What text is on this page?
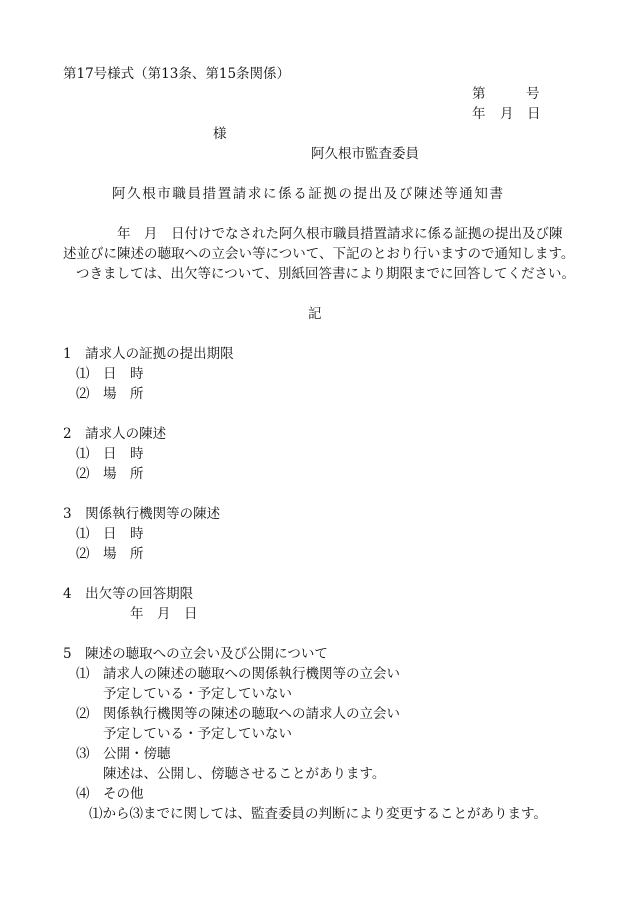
第17号様式（第13条、第15条関係）
第	号
年 月 日
様
阿久根市監査委員
阿久根市職員措置請求に係る証拠の提出及び陳述等通知書
年　月　日付けでなされた阿久根市職員措置請求に係る証拠の提出及び陳
述並びに陳述の聴取への立会い等について、下記のとおり行いますので通知します。
つきましては、出欠等について、別紙回答書により期限までに回答してください。
記
1　請求人の証拠の提出期限
⑴　日　時
⑵　場　所
2　請求人の陳述
⑴　日　時
⑵　場　所
3　関係執行機関等の陳述
⑴　日　時
⑵　場　所
4　出欠等の回答期限
年　月　日
5　陳述の聴取への立会い及び公開について
⑴　請求人の陳述の聴取への関係執行機関等の立会い
予定している・予定していない
⑵　関係執行機関等の陳述の聴取への請求人の立会い
予定している・予定していない
⑶　公開・傍聴
陳述は、公開し、傍聴させることがあります。
⑷　その他
⑴から⑶までに関しては、監査委員の判断により変更することがあります。
